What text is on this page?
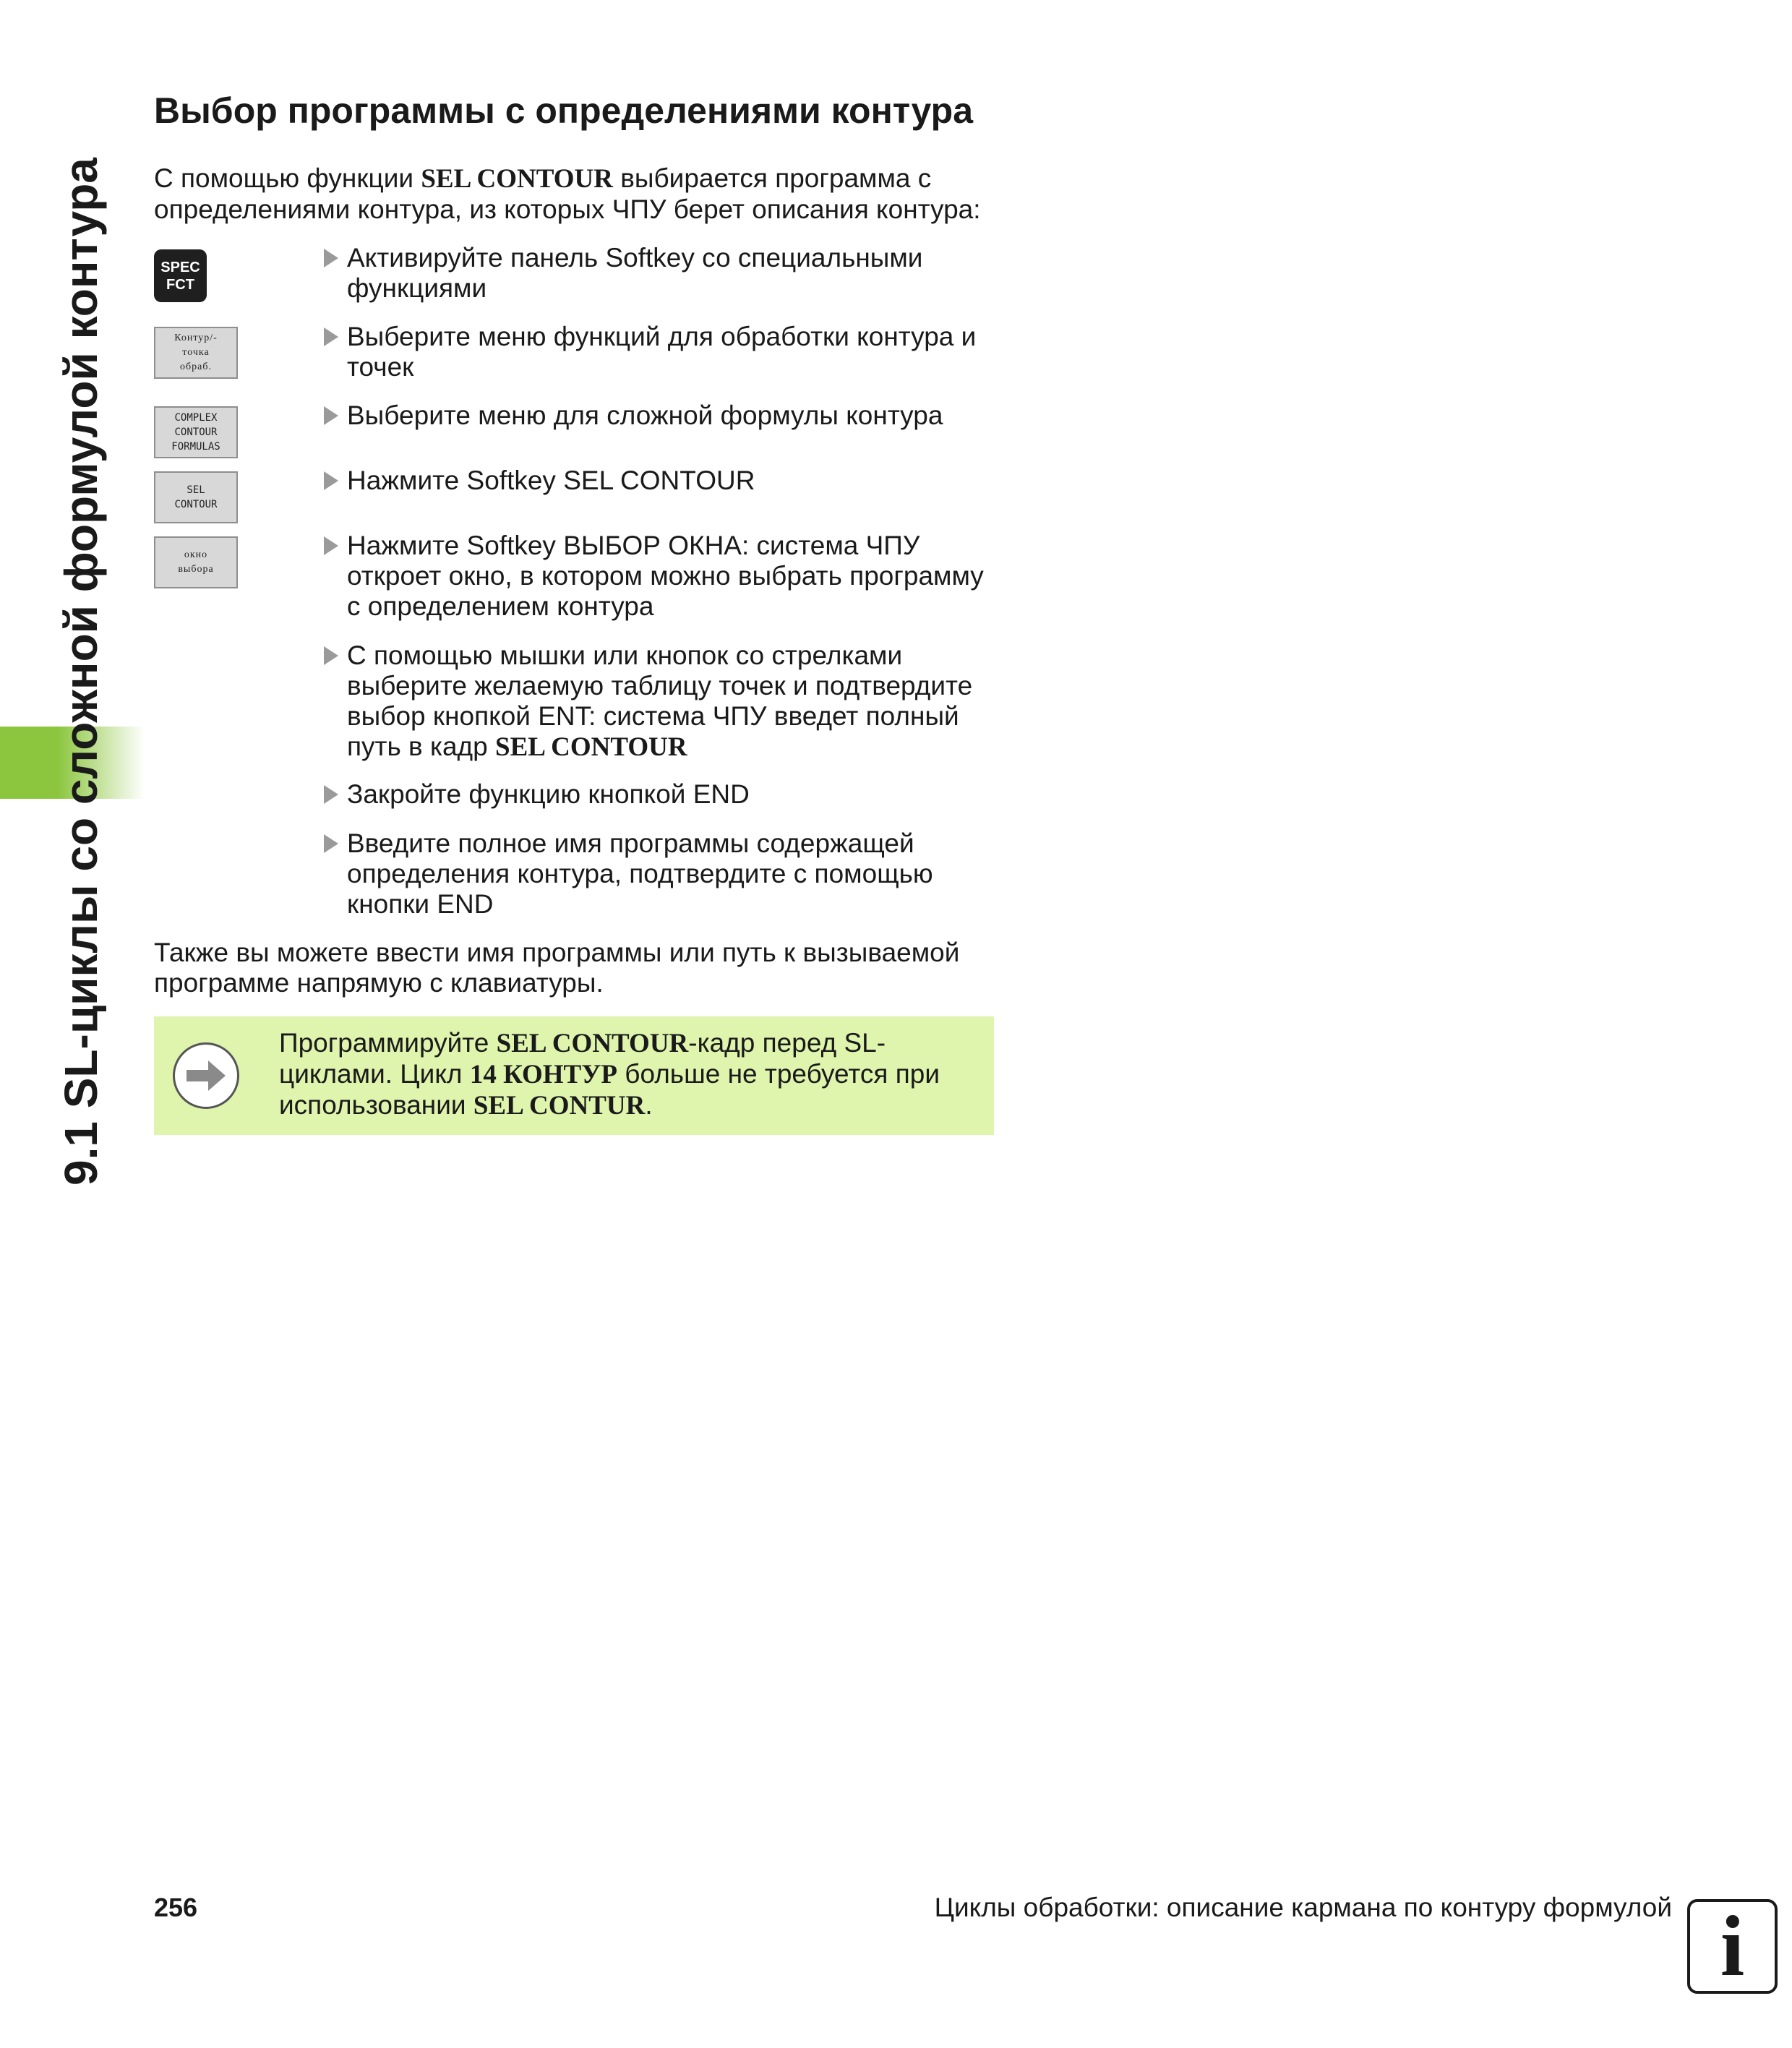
9.1 SL-циклы со сложной формулой контура
Выбор программы с определениями контура
С помощью функции SEL CONTOUR выбирается программа с определениями контура, из которых ЧПУ берет описания контура:
SPEC
FCT
Контур/-
точка
обраб.
COMPLEX
CONTOUR
FORMULAS
SEL
CONTOUR
окно
выбора
Активируйте панель Softkey со специальными функциями
Выберите меню функций для обработки контура и точек
Выберите меню для сложной формулы контура
Нажмите Softkey SEL CONTOUR
Нажмите Softkey ВЫБОР ОКНА: система ЧПУ откроет окно, в котором можно выбрать программу с определением контура
С помощью мышки или кнопок со стрелками выберите желаемую таблицу точек и подтвердите выбор кнопкой ENT: система ЧПУ введет полный путь в кадр SEL CONTOUR
Закройте функцию кнопкой END
Введите полное имя программы содержащей определения контура, подтвердите с помощью кнопки END
Также вы можете ввести имя программы или путь к вызываемой программе напрямую с клавиатуры.
Программируйте SEL CONTOUR-кадр перед SL-циклами. Цикл 14 КОНТУР больше не требуется при использовании SEL CONTUR.
256	Циклы обработки: описание кармана по контуру формулой i
